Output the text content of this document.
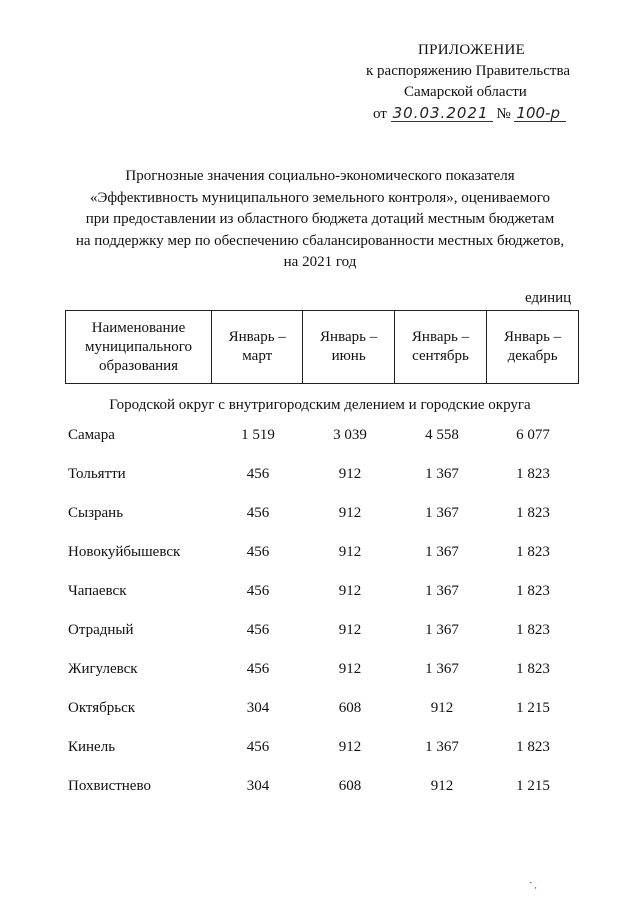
ПРИЛОЖЕНИЕ
к распоряжению Правительства
Самарской области
от 30.03.2021 № 100-р
Прогнозные значения социально-экономического показателя
«Эффективность муниципального земельного контроля», оцениваемого
при предоставлении из областного бюджета дотаций местным бюджетам
на поддержку мер по обеспечению сбалансированности местных бюджетов,
на 2021 год
единиц
Наименование муниципального образования	Январь – март	Январь – июнь	Январь – сентябрь	Январь – декабрь
Городской округ с внутригородским делением и городские округа
Самара	1 519	3 039	4 558	6 077
Тольятти	456	912	1 367	1 823
Сызрань	456	912	1 367	1 823
Новокуйбышевск	456	912	1 367	1 823
Чапаевск	456	912	1 367	1 823
Отрадный	456	912	1 367	1 823
Жигулевск	456	912	1 367	1 823
Октябрьск	304	608	912	1 215
Кинель	456	912	1 367	1 823
Похвистнево	304	608	912	1 215
`.
